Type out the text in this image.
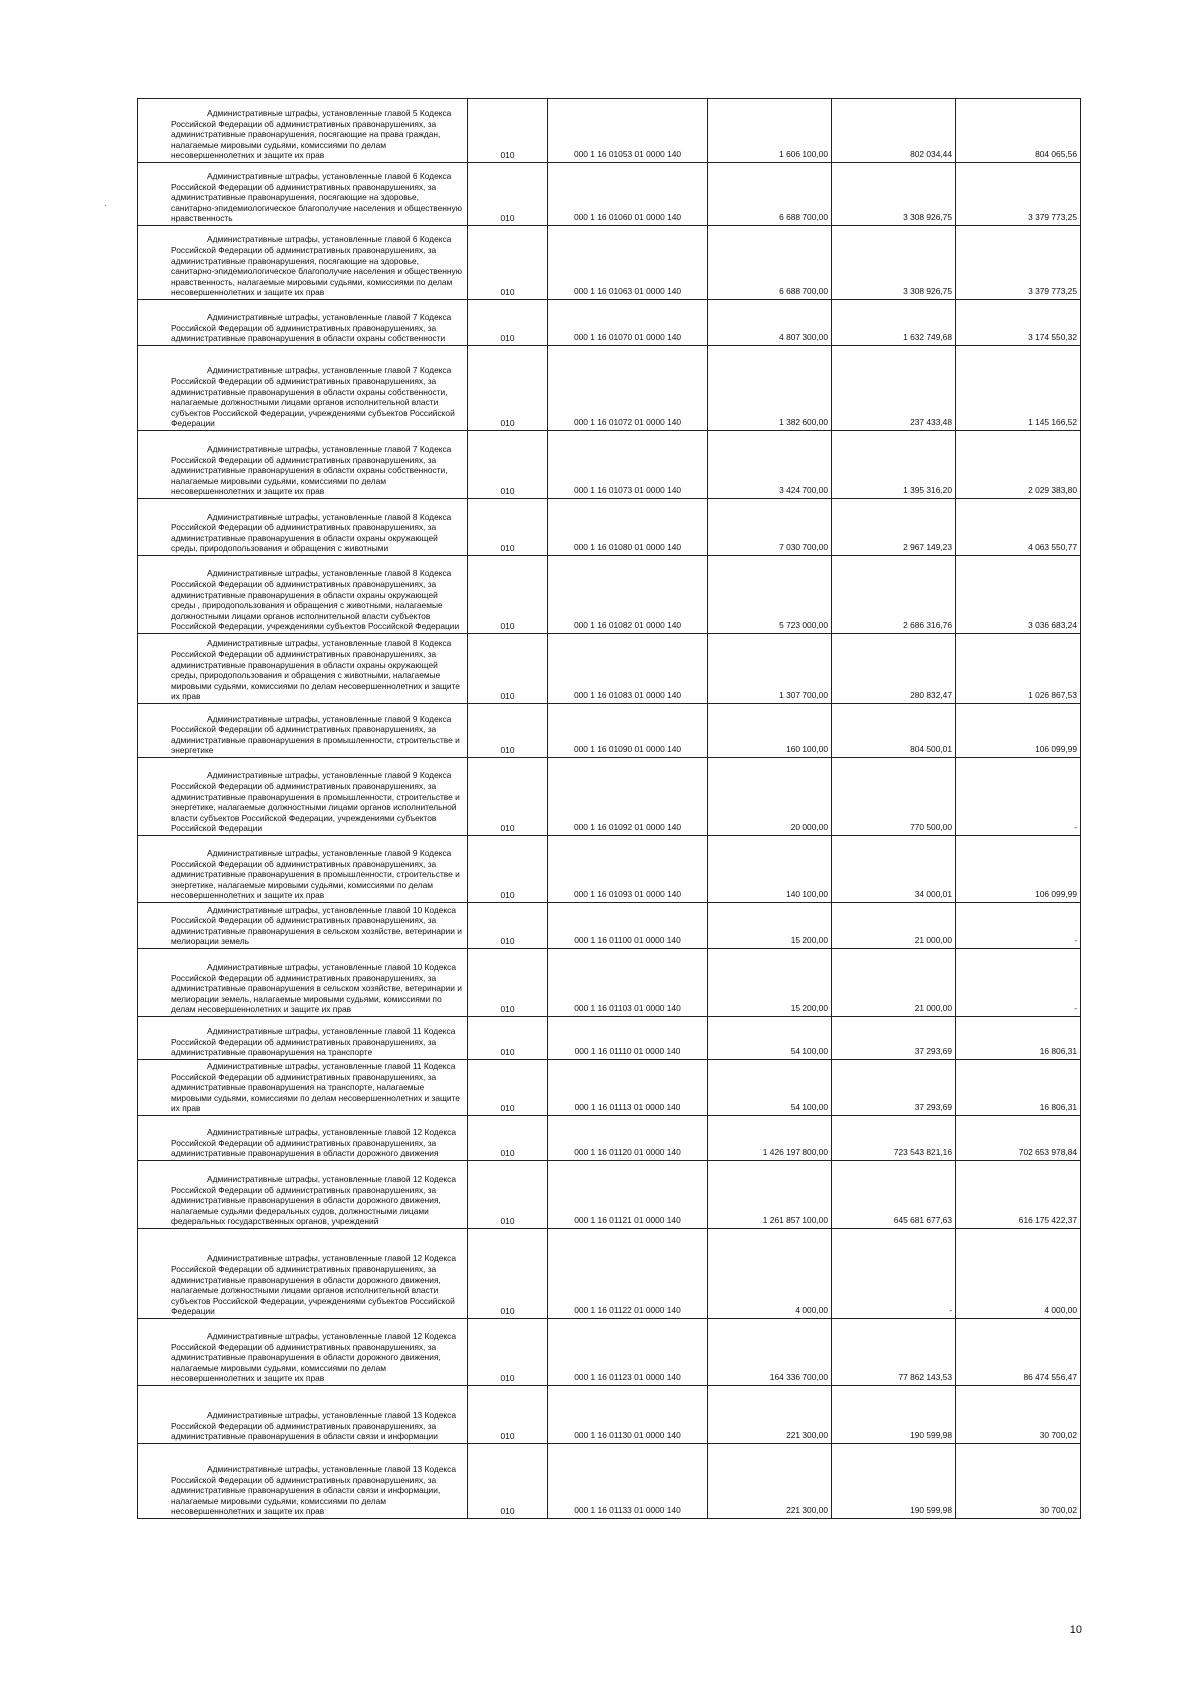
·
Административные штрафы, установленные главой 5 Кодекса Российской Федерации об административных правонарушениях, за административные правонарушения, посягающие на права граждан, налагаемые мировыми судьями, комиссиями по делам несовершеннолетних и защите их прав	010	000 1 16 01053 01 0000 140	1 606 100,00	802 034,44	804 065,56

Административные штрафы, установленные главой 6 Кодекса Российской Федерации об административных правонарушениях, за административные правонарушения, посягающие на здоровье, санитарно-эпидемиологическое благополучие населения и общественную нравственность	010	000 1 16 01060 01 0000 140	6 688 700,00	3 308 926,75	3 379 773,25

Административные штрафы, установленные главой 6 Кодекса Российской Федерации об административных правонарушениях, за административные правонарушения, посягающие на здоровье, санитарно-эпидемиологическое благополучие населения и общественную нравственность, налагаемые мировыми судьями, комиссиями по делам несовершеннолетних и защите их прав	010	000 1 16 01063 01 0000 140	6 688 700,00	3 308 926,75	3 379 773,25

Административные штрафы, установленные главой 7 Кодекса Российской Федерации об административных правонарушениях, за административные правонарушения в области охраны собственности	010	000 1 16 01070 01 0000 140	4 807 300,00	1 632 749,68	3 174 550,32

Административные штрафы, установленные главой 7 Кодекса Российской Федерации об административных правонарушениях, за административные правонарушения в области охраны собственности, налагаемые должностными лицами органов исполнительной власти субъектов Российской Федерации, учреждениями субъектов Российской Федерации	010	000 1 16 01072 01 0000 140	1 382 600,00	237 433,48	1 145 166,52

Административные штрафы, установленные главой 7 Кодекса Российской Федерации об административных правонарушениях, за административные правонарушения в области охраны собственности, налагаемые мировыми судьями, комиссиями по делам несовершеннолетних и защите их прав	010	000 1 16 01073 01 0000 140	3 424 700,00	1 395 316,20	2 029 383,80

Административные штрафы, установленные главой 8 Кодекса Российской Федерации об административных правонарушениях, за административные правонарушения в области охраны окружающей среды, природопользования и обращения с животными	010	000 1 16 01080 01 0000 140	7 030 700,00	2 967 149,23	4 063 550,77

Административные штрафы, установленные главой 8 Кодекса Российской Федерации об административных правонарушениях, за административные правонарушения в области охраны окружающей среды , природопользования и обращения с животными, налагаемые должностными лицами органов исполнительной власти субъектов Российской Федерации, учреждениями субъектов Российской Федерации	010	000 1 16 01082 01 0000 140	5 723 000,00	2 686 316,76	3 036 683,24

Административные штрафы, установленные главой 8 Кодекса Российской Федерации об административных правонарушениях, за административные правонарушения в области охраны окружающей среды, природопользования и обращения с животными, налагаемые мировыми судьями, комиссиями по делам несовершеннолетних и защите их прав	010	000 1 16 01083 01 0000 140	1 307 700,00	280 832,47	1 026 867,53

Административные штрафы, установленные главой 9 Кодекса Российской Федерации об административных правонарушениях, за административные правонарушения в промышленности, строительстве и энергетике	010	000 1 16 01090 01 0000 140	160 100,00	804 500,01	106 099,99

Административные штрафы, установленные главой 9 Кодекса Российской Федерации об административных правонарушениях, за административные правонарушения в промышленности, строительстве и энергетике, налагаемые должностными лицами органов исполнительной власти субъектов Российской Федерации, учреждениями субъектов Российской Федерации	010	000 1 16 01092 01 0000 140	20 000,00	770 500,00	-

Административные штрафы, установленные главой 9 Кодекса Российской Федерации об административных правонарушениях, за административные правонарушения в промышленности, строительстве и энергетике, налагаемые мировыми судьями, комиссиями по делам несовершеннолетних и защите их прав	010	000 1 16 01093 01 0000 140	140 100,00	34 000,01	106 099,99

Административные штрафы, установленные главой 10 Кодекса Российской Федерации об административных правонарушениях, за административные правонарушения в сельском хозяйстве, ветеринарии и мелиорации земель	010	000 1 16 01100 01 0000 140	15 200,00	21 000,00	-

Административные штрафы, установленные главой 10 Кодекса Российской Федерации об административных правонарушениях, за административные правонарушения в сельском хозяйстве, ветеринарии и мелиорации земель, налагаемые мировыми судьями, комиссиями по делам несовершеннолетних и защите их прав	010	000 1 16 01103 01 0000 140	15 200,00	21 000,00	-

Административные штрафы, установленные главой 11 Кодекса Российской Федерации об административных правонарушениях, за административные правонарушения на транспорте	010	000 1 16 01110 01 0000 140	54 100,00	37 293,69	16 806,31

Административные штрафы, установленные главой 11 Кодекса Российской Федерации об административных правонарушениях, за административные правонарушения на транспорте, налагаемые мировыми судьями, комиссиями по делам несовершеннолетних и защите их прав	010	000 1 16 01113 01 0000 140	54 100,00	37 293,69	16 806,31

Административные штрафы, установленные главой 12 Кодекса Российской Федерации об административных правонарушениях, за административные правонарушения в области дорожного движения	010	000 1 16 01120 01 0000 140	1 426 197 800,00	723 543 821,16	702 653 978,84

Административные штрафы, установленные главой 12 Кодекса Российской Федерации об административных правонарушениях, за административные правонарушения в области дорожного движения, налагаемые судьями федеральных судов, должностными лицами федеральных государственных органов, учреждений	010	000 1 16 01121 01 0000 140	1 261 857 100,00	645 681 677,63	616 175 422,37

Административные штрафы, установленные главой 12 Кодекса Российской Федерации об административных правонарушениях, за административные правонарушения в области дорожного движения, налагаемые должностными лицами органов исполнительной власти субъектов Российской Федерации, учреждениями субъектов Российской Федерации	010	000 1 16 01122 01 0000 140	4 000,00	-	4 000,00

Административные штрафы, установленные главой 12 Кодекса Российской Федерации об административных правонарушениях, за административные правонарушения в области дорожного движения, налагаемые мировыми судьями, комиссиями по делам несовершеннолетних и защите их прав	010	000 1 16 01123 01 0000 140	164 336 700,00	77 862 143,53	86 474 556,47

Административные штрафы, установленные главой 13 Кодекса Российской Федерации об административных правонарушениях, за административные правонарушения в области связи и информации	010	000 1 16 01130 01 0000 140	221 300,00	190 599,98	30 700,02

Административные штрафы, установленные главой 13 Кодекса Российской Федерации об административных правонарушениях, за административные правонарушения в области связи и информации, налагаемые мировыми судьями, комиссиями по делам несовершеннолетних и защите их прав	010	000 1 16 01133 01 0000 140	221 300,00	190 599,98	30 700,02
10
